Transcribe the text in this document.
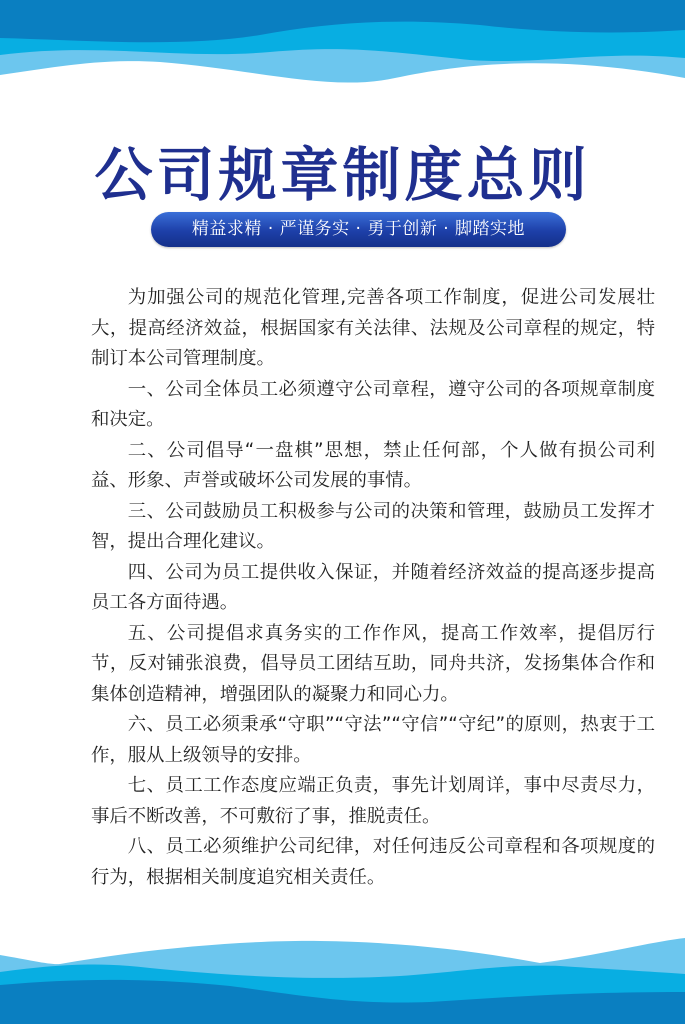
公司规章制度总则
精益求精 · 严谨务实 · 勇于创新 · 脚踏实地

为加强公司的规范化管理,完善各项工作制度，促进公司发展壮大，提高经济效益，根据国家有关法律、法规及公司章程的规定，特制订本公司管理制度。

一、公司全体员工必须遵守公司章程，遵守公司的各项规章制度和决定。

二、公司倡导“一盘棋”思想，禁止任何部，个人做有损公司利益、形象、声誉或破坏公司发展的事情。

三、公司鼓励员工积极参与公司的决策和管理，鼓励员工发挥才智，提出合理化建议。

四、公司为员工提供收入保证，并随着经济效益的提高逐步提高员工各方面待遇。

五、公司提倡求真务实的工作作风，提高工作效率，提倡厉行节，反对铺张浪费，倡导员工团结互助，同舟共济，发扬集体合作和集体创造精神，增强团队的凝聚力和同心力。

六、员工必须秉承“守职”“守法”“守信”“守纪”的原则，热衷于工作，服从上级领导的安排。

七、员工工作态度应端正负责，事先计划周详，事中尽责尽力，事后不断改善，不可敷衍了事，推脱责任。

八、员工必须维护公司纪律，对任何违反公司章程和各项规度的行为，根据相关制度追究相关责任。
